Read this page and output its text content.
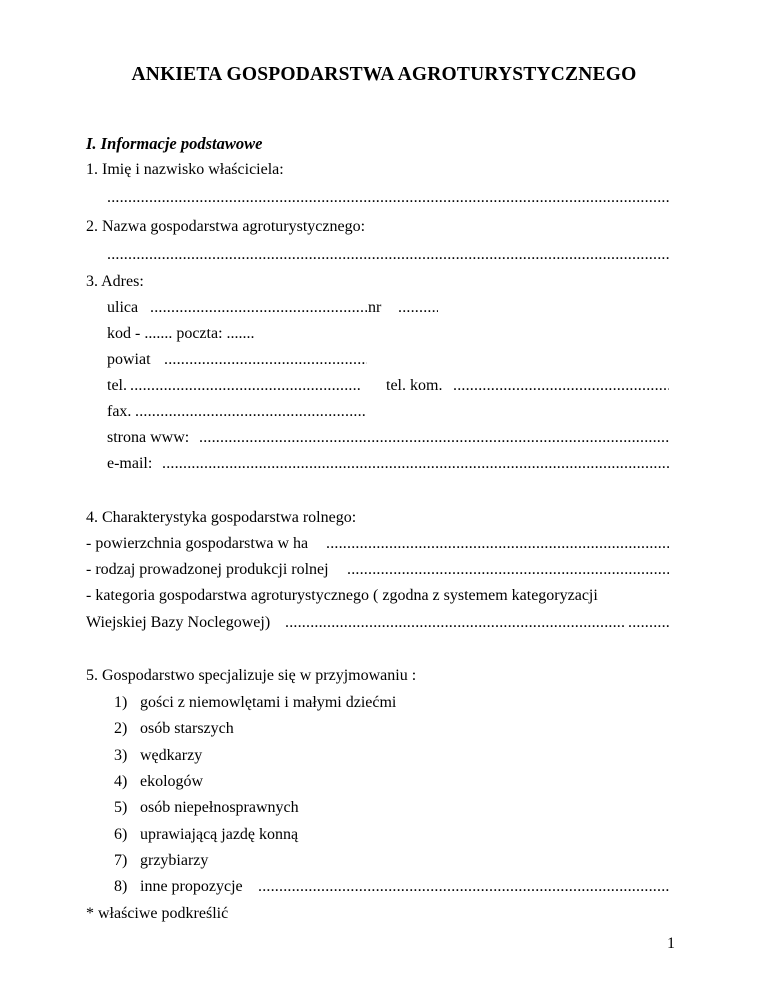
ANKIETA GOSPODARSTWA AGROTURYSTYCZNEGO
I. Informacje podstawowe
1. Imię i nazwisko właściciela:
.....
2. Nazwa gospodarstwa agroturystycznego:
.....
3. Adres:
ulica .....	nr
.....
kod - ....... poczta: .......
powiat
.....
tel. .....	tel. kom.
.....
fax.
.....
strona www:
.....
e-mail:
.....
4. Charakterystyka gospodarstwa rolnego:
- powierzchnia gospodarstwa w ha
.....
- rodzaj prowadzonej produkcji rolnej
.....
- kategoria gospodarstwa agroturystycznego ( zgodna z systemem kategoryzacji
Wiejskiej Bazy Noclegowej)
.....
.....
5. Gospodarstwo specjalizuje się w przyjmowaniu :
1) gości z niemowlętami i małymi dziećmi
2) osób starszych
3) wędkarzy
4) ekologów
5) osób niepełnosprawnych
6) uprawiającą jazdę konną
7) grzybiarzy
8) inne propozycje
.....
* właściwe podkreślić
1
